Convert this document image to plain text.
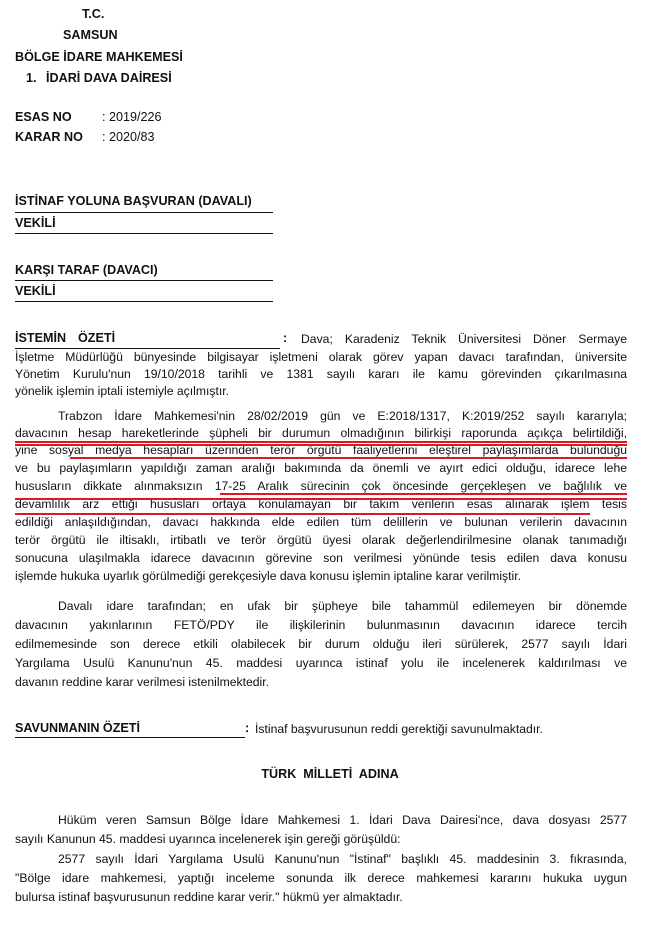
T.C.
SAMSUN
BÖLGE İDARE MAHKEMESİ
1. İDARİ DAVA DAİRESİ
ESAS NO : 2019/226
KARAR NO : 2020/83
İSTİNAF YOLUNA BAŞVURAN (DAVALI)
VEKİLİ
KARŞI TARAF (DAVACI)
VEKİLİ
İSTEMİN ÖZETİ	: Dava; Karadeniz Teknik Üniversitesi Döner Sermaye
İşletme Müdürlüğü bünyesinde bilgisayar işletmeni olarak görev yapan davacı tarafından, üniversite
Yönetim Kurulu'nun 19/10/2018 tarihli ve 1381 sayılı kararı ile kamu görevinden çıkarılmasına
yönelik işlemin iptali istemiyle açılmıştır.
Trabzon İdare Mahkemesi'nin 28/02/2019 gün ve E:2018/1317, K:2019/252 sayılı kararıyla;
davacının hesap hareketlerinde şüpheli bir durumun olmadığının bilirkişi raporunda açıkça belirtildiği,
yine sosyal medya hesapları üzerinden terör örgütü faaliyetlerini eleştirel paylaşımlarda bulunduğu
ve bu paylaşımların yapıldığı zaman aralığı bakımında da önemli ve ayırt edici olduğu, idarece lehe
hususların dikkate alınmaksızın 17-25 Aralık sürecinin çok öncesinde gerçekleşen ve bağlılık ve
devamlılık arz ettiği hususları ortaya konulamayan bir takım verilerin esas alınarak işlem tesis
edildiği anlaşıldığından, davacı hakkında elde edilen tüm delillerin ve bulunan verilerin davacının
terör örgütü ile iltisaklı, irtibatlı ve terör örgütü üyesi olarak değerlendirilmesine olanak tanımadığı
sonucuna ulaşılmakla idarece davacının görevine son verilmesi yönünde tesis edilen dava konusu
işlemde hukuka uyarlık görülmediği gerekçesiyle dava konusu işlemin iptaline karar verilmiştir.
Davalı idare tarafından; en ufak bir şüpheye bile tahammül edilemeyen bir dönemde
davacının yakınlarının FETÖ/PDY ile ilişkilerinin bulunmasının davacının idarece tercih
edilmemesinde son derece etkili olabilecek bir durum olduğu ileri sürülerek, 2577 sayılı İdari
Yargılama Usulü Kanunu'nun 45. maddesi uyarınca istinaf yolu ile incelenerek kaldırılması ve
davanın reddine karar verilmesi istenilmektedir.
SAVUNMANIN ÖZETİ	: İstinaf başvurusunun reddi gerektiği savunulmaktadır.
TÜRK  MİLLETİ  ADINA
Hüküm veren Samsun Bölge İdare Mahkemesi 1. İdari Dava Dairesi'nce, dava dosyası 2577
sayılı Kanunun 45. maddesi uyarınca incelenerek işin gereği görüşüldü:
2577 sayılı İdari Yargılama Usulü Kanunu'nun "İstinaf" başlıklı 45. maddesinin 3. fıkrasında,
"Bölge idare mahkemesi, yaptığı inceleme sonunda ilk derece mahkemesi kararını hukuka uygun
bulursa istinaf başvurusunun reddine karar verir." hükmü yer almaktadır.
